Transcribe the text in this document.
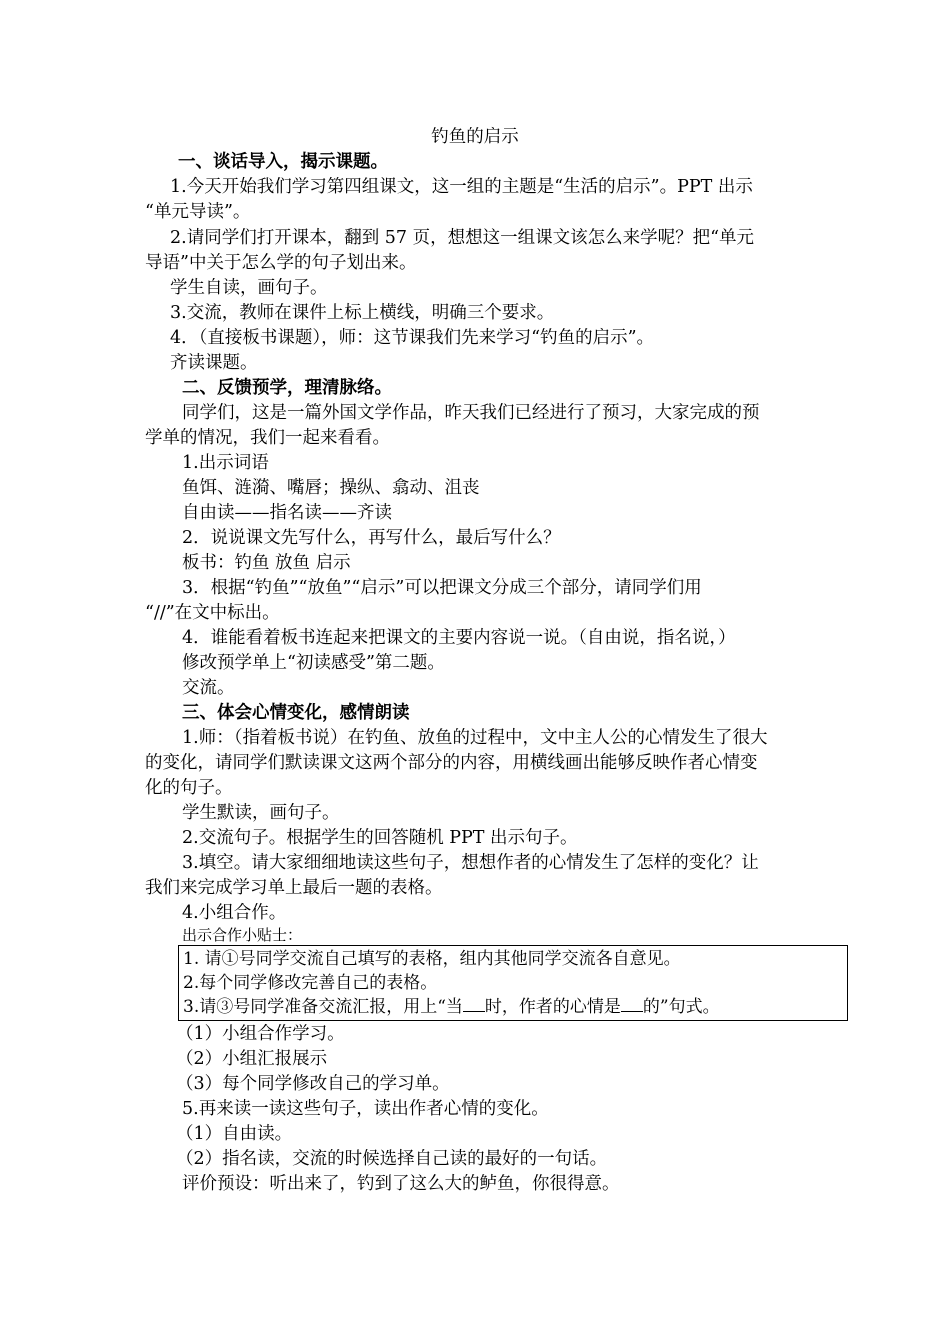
钓鱼的启示
一、谈话导入，揭示课题。
1.今天开始我们学习第四组课文，这一组的主题是“生活的启示”。PPT 出示
“单元导读”。
2.请同学们打开课本，翻到 57 页，想想这一组课文该怎么来学呢？把“单元
导语”中关于怎么学的句子划出来。
学生自读，画句子。
3.交流，教师在课件上标上横线，明确三个要求。
4．（直接板书课题），师：这节课我们先来学习“钓鱼的启示”。
齐读课题。
二、反馈预学，理清脉络。
同学们，这是一篇外国文学作品，昨天我们已经进行了预习，大家完成的预
学单的情况，我们一起来看看。
1.出示词语
鱼饵、涟漪、嘴唇；操纵、翕动、沮丧
自由读——指名读——齐读
2．说说课文先写什么，再写什么，最后写什么？
板书：钓鱼 放鱼 启示
3．根据“钓鱼”“放鱼”“启示”可以把课文分成三个部分，请同学们用
“//”在文中标出。
4．谁能看着板书连起来把课文的主要内容说一说。（自由说，指名说，）
修改预学单上“初读感受”第二题。
交流。
三、体会心情变化，感情朗读
1.师：（指着板书说）在钓鱼、放鱼的过程中，文中主人公的心情发生了很大
的变化，请同学们默读课文这两个部分的内容，用横线画出能够反映作者心情变
化的句子。
学生默读，画句子。
2.交流句子。根据学生的回答随机 PPT 出示句子。
3.填空。请大家细细地读这些句子，想想作者的心情发生了怎样的变化？让
我们来完成学习单上最后一题的表格。
4.小组合作。
出示合作小贴士：
1. 请①号同学交流自己填写的表格，组内其他同学交流各自意见。
2.每个同学修改完善自己的表格。
3.请③号同学准备交流汇报，用上“当 时，作者的心情是 的”句式。
（1）小组合作学习。
（2）小组汇报展示
（3）每个同学修改自己的学习单。
5.再来读一读这些句子，读出作者心情的变化。
（1）自由读。
（2）指名读，交流的时候选择自己读的最好的一句话。
评价预设：听出来了，钓到了这么大的鲈鱼，你很得意。
